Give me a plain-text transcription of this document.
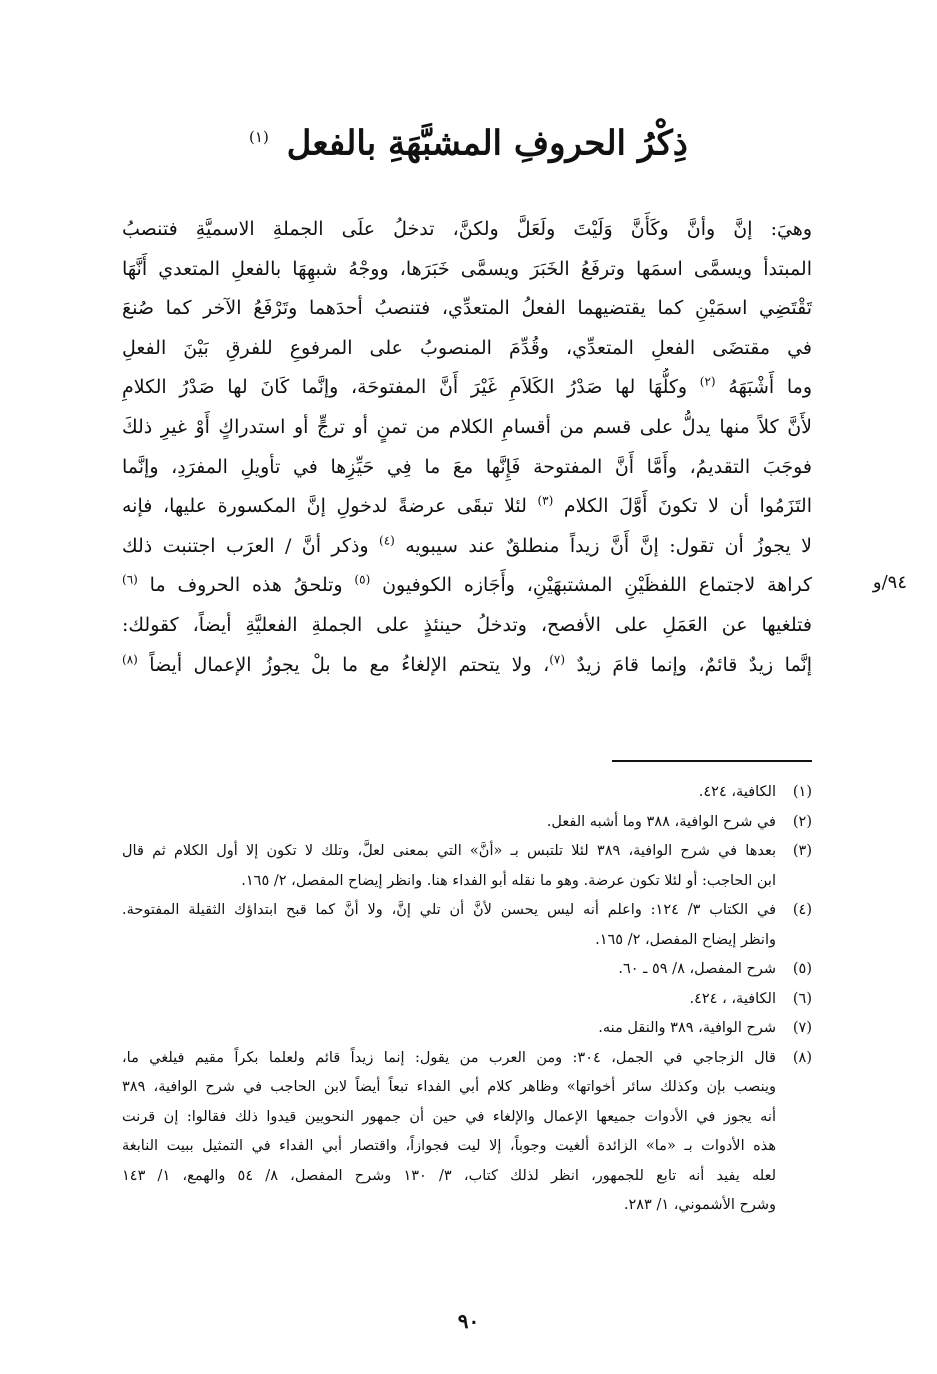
ذِكْرُ الحروفِ المشبَّهَةِ بالفعل $^{(١)}$
وهيَ: إنَّ وأنَّ وكَأَنَّ وَلَيْتَ ولَعَلَّ ولكنَّ، تدخلُ علَى الجملةِ الاسميَّةِ فتنصبُ
المبتدأ ويسمَّى اسمَها وترفَعُ الخَبَرَ ويسمَّى خَبَرَها، ووجْهُ شبهِهَا بالفعلِ المتعدي أَنَّهَا
تَقْتَضِي اسمَيْنِ كما يقتضيهما الفعلُ المتعدِّي، فتنصبُ أحدَهما وتَرْفَعُ الآخر كما صُنعَ
في مقتضَى الفعلِ المتعدِّي، وقُدِّمَ المنصوبُ على المرفوعِ للفرقِ بَيْنَ الفعلِ
وما أَشْبَهَهُ $^{(٢)}$ وكلُّهَا لها صَدْرُ الكَلاَمِ غَيْرَ أَنَّ المفتوحَة، وإنَّما كَانَ لها صَدْرُ الكلامِ
لأَنَّ كلاً منها يدلُّ على قسم من أقسامِ الكلام من تمنٍ أو ترجٍّ أو استدراكٍ أَوْ غيرِ ذلكَ
فوجَبَ التقديمُ، وأَمَّا أَنَّ المفتوحة فَإِنَّها معَ ما فِي حَيِّزِها في تأويلِ المفرَدِ، وإنَّما
التَزَمُوا أن لا تكونَ أَوَّلَ الكلام $^{(٣)}$ لئلا تبقَى عرضةً لدخولِ إنَّ المكسورة عليها، فإنه
لا يجوزُ أن تقول: إنَّ أَنَّ زيداً منطلقٌ عند سيبويه $^{(٤)}$ وذكر أنَّ / العرَب اجتنبت ذلك
كراهة لاجتماع اللفظَيْنِ المشتبهَيْنِ، وأَجَازه الكوفيون $^{(٥)}$ وتلحقُ هذه الحروف ما $^{(٦)}$
فتلغيها عن العَمَلِ على الأفصح، وتدخلُ حينئذٍ على الجملةِ الفعليَّةِ أيضاً، كقولك:
إنَّما زيدٌ قائمٌ، وإنما قامَ زيدٌ $^{(٧)}$، ولا يتحتم الإلغاءُ مع ما بلْ يجوزُ الإعمال أيضاً $^{(٨)}$
٩٤/و
(١)
الكافية، ٤٢٤.
(٢)
في شرح الوافية، ٣٨٨ وما أشبه الفعل.
(٣)
بعدها في شرح الوافية، ٣٨٩ لئلا تلتبس بـ «أنَّ» التي بمعنى لعلَّ، وتلك لا تكون إلا أول الكلام ثم قال
ابن الحاجب: أو لئلا تكون عرضة. وهو ما نقله أبو الفداء هنا. وانظر إيضاح المفصل، ٢/ ١٦٥.
(٤)
في الكتاب ٣/ ١٢٤: واعلم أنه ليس يحسن لأنَّ أن تلي إنَّ، ولا أنَّ كما قبح ابتداؤك الثقيلة المفتوحة.
وانظر إيضاح المفصل، ٢/ ١٦٥.
(٥)
شرح المفصل، ٨/ ٥٩ ـ ٦٠.
(٦)
الكافية، ، ٤٢٤.
(٧)
شرح الوافية، ٣٨٩ والنقل منه.
(٨)
قال الزجاجي في الجمل، ٣٠٤: ومن العرب من يقول: إنما زيداً قائم ولعلما بكراً مقيم فيلغي ما،
وينصب بإن وكذلك سائر أخواتها» وظاهر كلام أبي الفداء تبعاً أيضاً لابن الحاجب في شرح الوافية، ٣٨٩
أنه يجوز في الأدوات جميعها الإعمال والإلغاء في حين أن جمهور النحويين قيدوا ذلك فقالوا: إن قرنت
هذه الأدوات بـ «ما» الزائدة ألغيت وجوباً، إلا ليت فجوازاً، واقتصار أبي الفداء في التمثيل ببيت النابغة
لعله يفيد أنه تابع للجمهور، انظر لذلك كتاب، ٣/ ١٣٠ وشرح المفصل، ٨/ ٥٤ والهمع، ١/ ١٤٣
وشرح الأشموني، ١/ ٢٨٣.
٩٠
